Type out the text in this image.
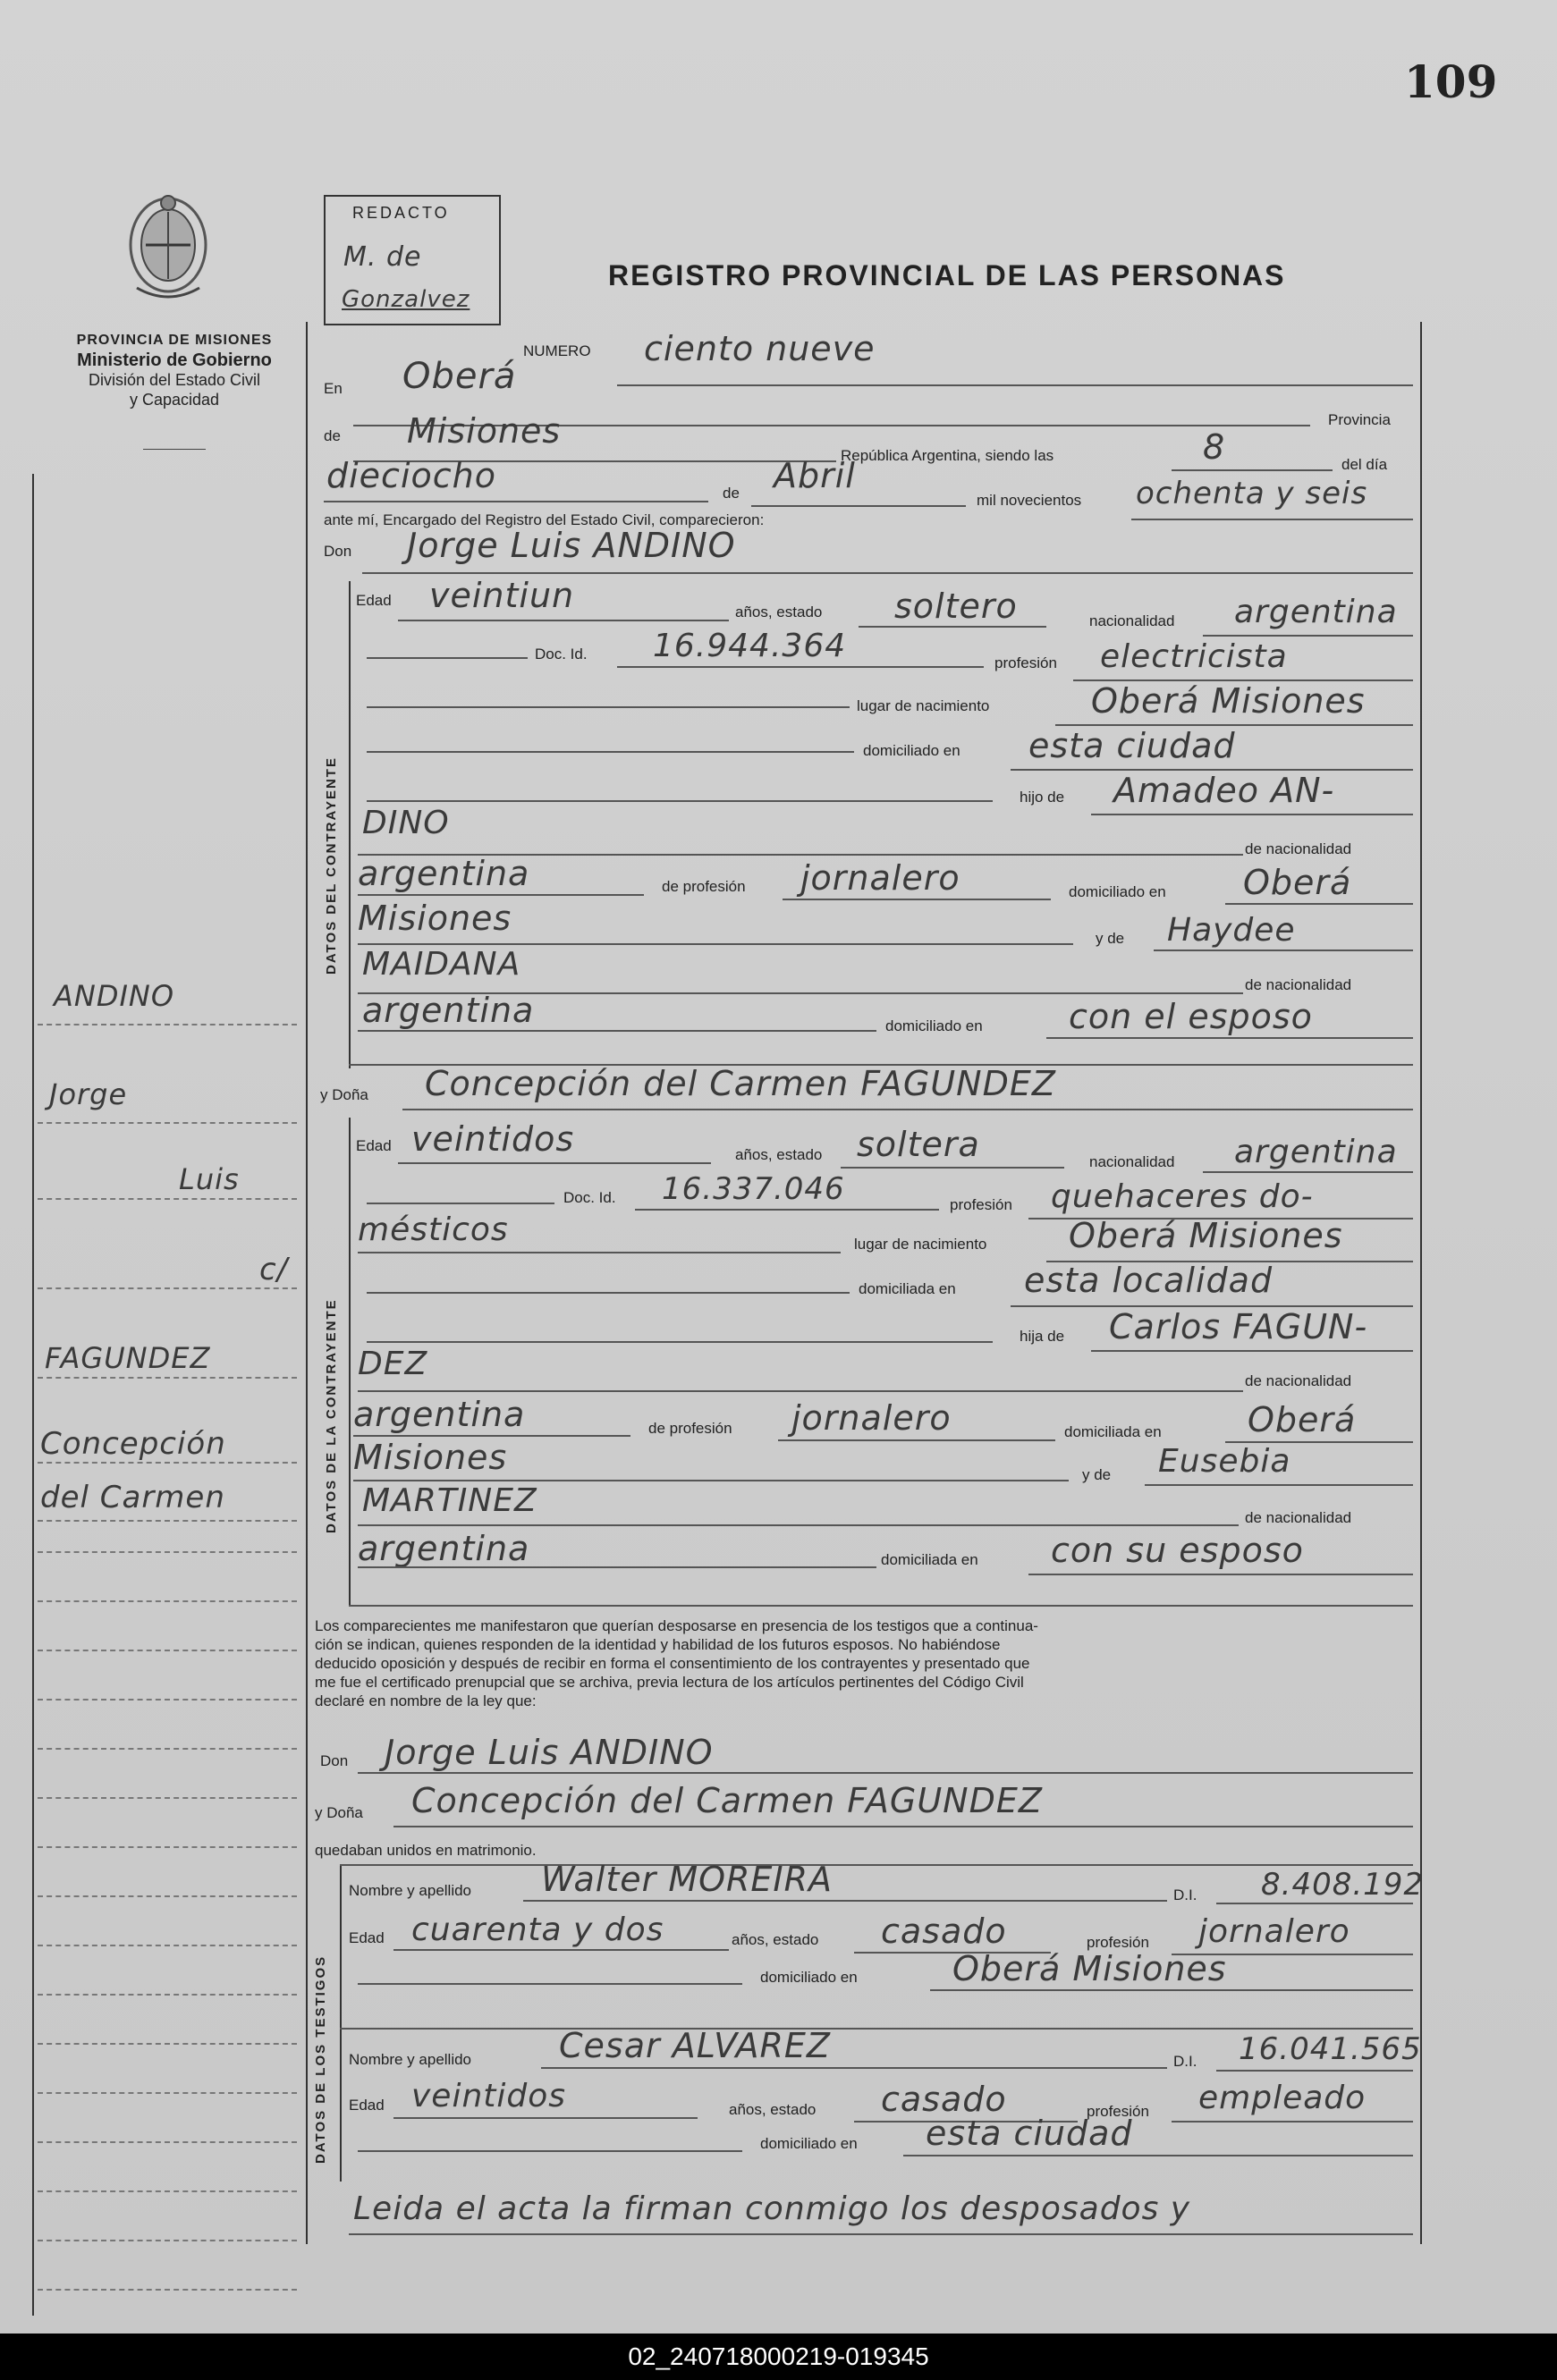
109
PROVINCIA DE MISIONES
Ministerio de Gobierno
División del Estado Civil
y Capacidad
REDACTO
M. de
Gonzalvez
REGISTRO PROVINCIAL DE LAS PERSONAS
ANDINO
Jorge
Luis
c/
FAGUNDEZ
Concepción
del Carmen
NUMERO ciento nueve
En Oberá
Provincia
de Misiones
República Argentina, siendo las	8	del día
dieciocho	de Abril
mil novecientos ochenta y seis
ante mí, Encargado del Registro del Estado Civil, comparecieron:
Don Jorge Luis ANDINO
DATOS DEL CONTRAYENTE
Edad veintiun	años, estado soltero	nacionalidad argentina
Doc. Id. 16.944.364	profesión electricista
lugar de nacimiento	Oberá Misiones
domiciliado en esta ciudad
hijo de Amadeo AN-
DINO
de nacionalidad
argentina	de profesión jornalero	domiciliado en Oberá
Misiones
y de Haydee
MAIDANA
de nacionalidad
argentina	domiciliado en	con el esposo
y Doña Concepción del Carmen FAGUNDEZ
DATOS DE LA CONTRAYENTE
Edad veintidos	años, estado soltera	nacionalidad argentina
Doc. Id. 16.337.046	profesión quehaceres do-
mésticos	lugar de nacimiento Oberá Misiones
domiciliada en esta localidad
hija de Carlos FAGUN-
DEZ	de nacionalidad
argentina	de profesión jornalero	domiciliada en	Oberá
Misiones	y de Eusebia
MARTINEZ	de nacionalidad
argentina	domiciliada en con su esposo
Los comparecientes me manifestaron que querían desposarse en presencia de los testigos que a continua-
ción se indican, quienes responden de la identidad y habilidad de los futuros esposos. No habiéndose
deducido oposición y después de recibir en forma el consentimiento de los contrayentes y presentado que
me fue el certificado prenupcial que se archiva, previa lectura de los artículos pertinentes del Código Civil
declaré en nombre de la ley que:
Don Jorge Luis ANDINO
y Doña Concepción del Carmen FAGUNDEZ
quedaban unidos en matrimonio.
DATOS DE LOS TESTIGOS
Nombre y apellido Walter MOREIRA	D.I. 8.408.192
Edad cuarenta y dos	años, estado casado	profesión jornalero
domiciliado en	Oberá Misiones
Nombre y apellido	Cesar ALVAREZ	D.I. 16.041.565
Edad veintidos	años, estado casado	profesión empleado
domiciliado en esta ciudad
Leida el acta la firman conmigo los desposados y
02_240718000219-019345
